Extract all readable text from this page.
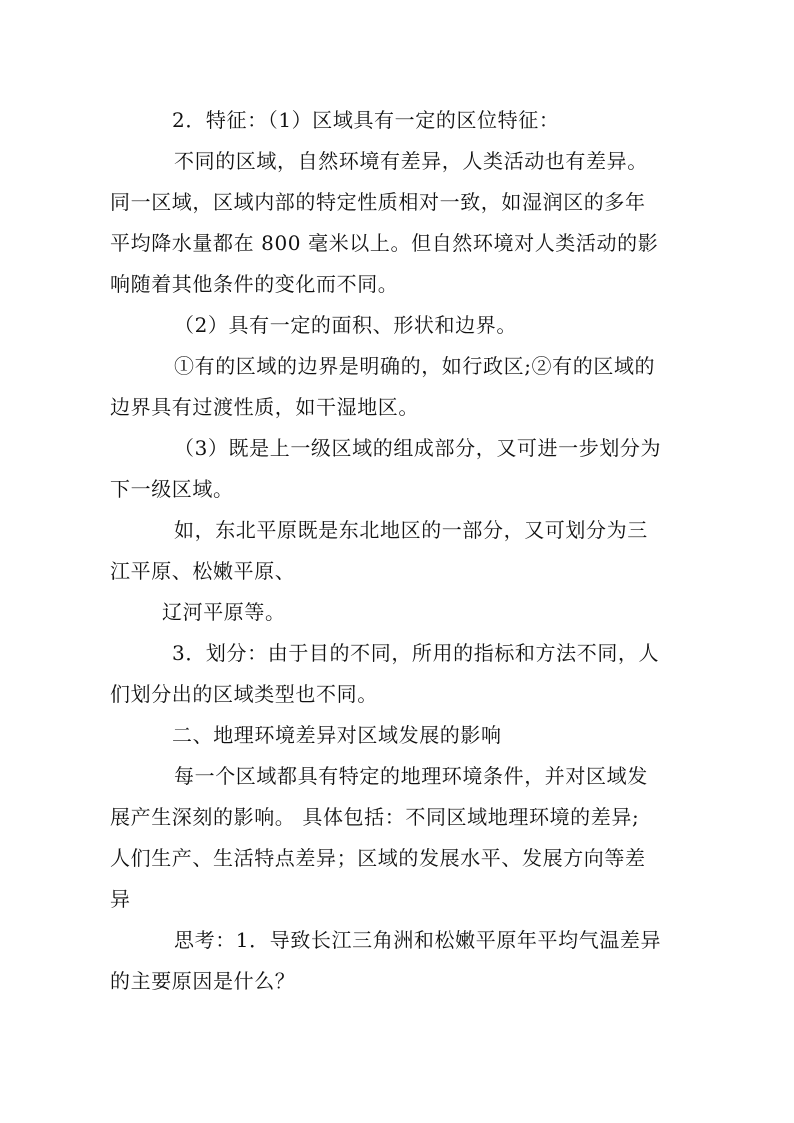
2．特征：（1）区域具有一定的区位特征：

不同的区域，自然环境有差异，人类活动也有差异。

同一区域，区域内部的特定性质相对一致，如湿润区的多年

平均降水量都在 800 毫米以上。但自然环境对人类活动的影

响随着其他条件的变化而不同。

（2）具有一定的面积、形状和边界。

①有的区域的边界是明确的，如行政区;②有的区域的

边界具有过渡性质，如干湿地区。

（3）既是上一级区域的组成部分，又可进一步划分为

下一级区域。

如，东北平原既是东北地区的一部分，又可划分为三

江平原、松嫩平原、

辽河平原等。

3．划分：由于目的不同，所用的指标和方法不同，人

们划分出的区域类型也不同。

二、地理环境差异对区域发展的影响

每一个区域都具有特定的地理环境条件，并对区域发

展产生深刻的影响。 具体包括：不同区域地理环境的差异;

人们生产、生活特点差异；区域的发展水平、发展方向等差

异

思考：1．导致长江三角洲和松嫩平原年平均气温差异

的主要原因是什么？
